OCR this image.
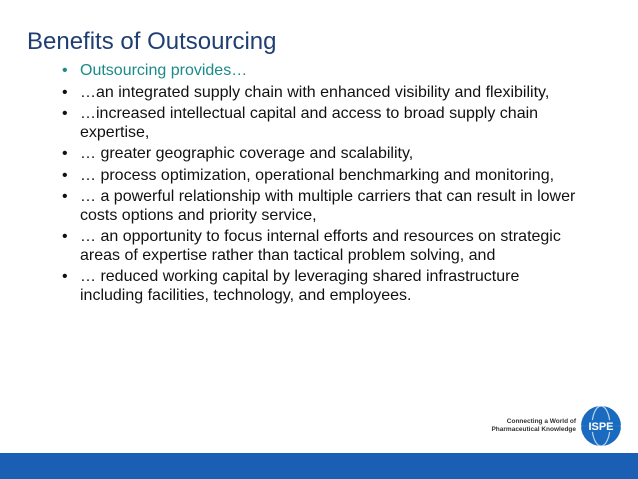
Benefits of Outsourcing
• Outsourcing provides…
• …an integrated supply chain with enhanced visibility and flexibility,
• …increased intellectual capital and access to broad supply chain expertise,
• … greater geographic coverage and scalability,
• … process optimization, operational benchmarking and monitoring,
• … a powerful relationship with multiple carriers that can result in lower costs options and priority service,
• … an opportunity to focus internal efforts and resources on strategic areas of expertise rather than tactical problem solving, and
• … reduced working capital by leveraging shared infrastructure including facilities, technology, and employees.
Connecting a World of
Pharmaceutical Knowledge ISPE
